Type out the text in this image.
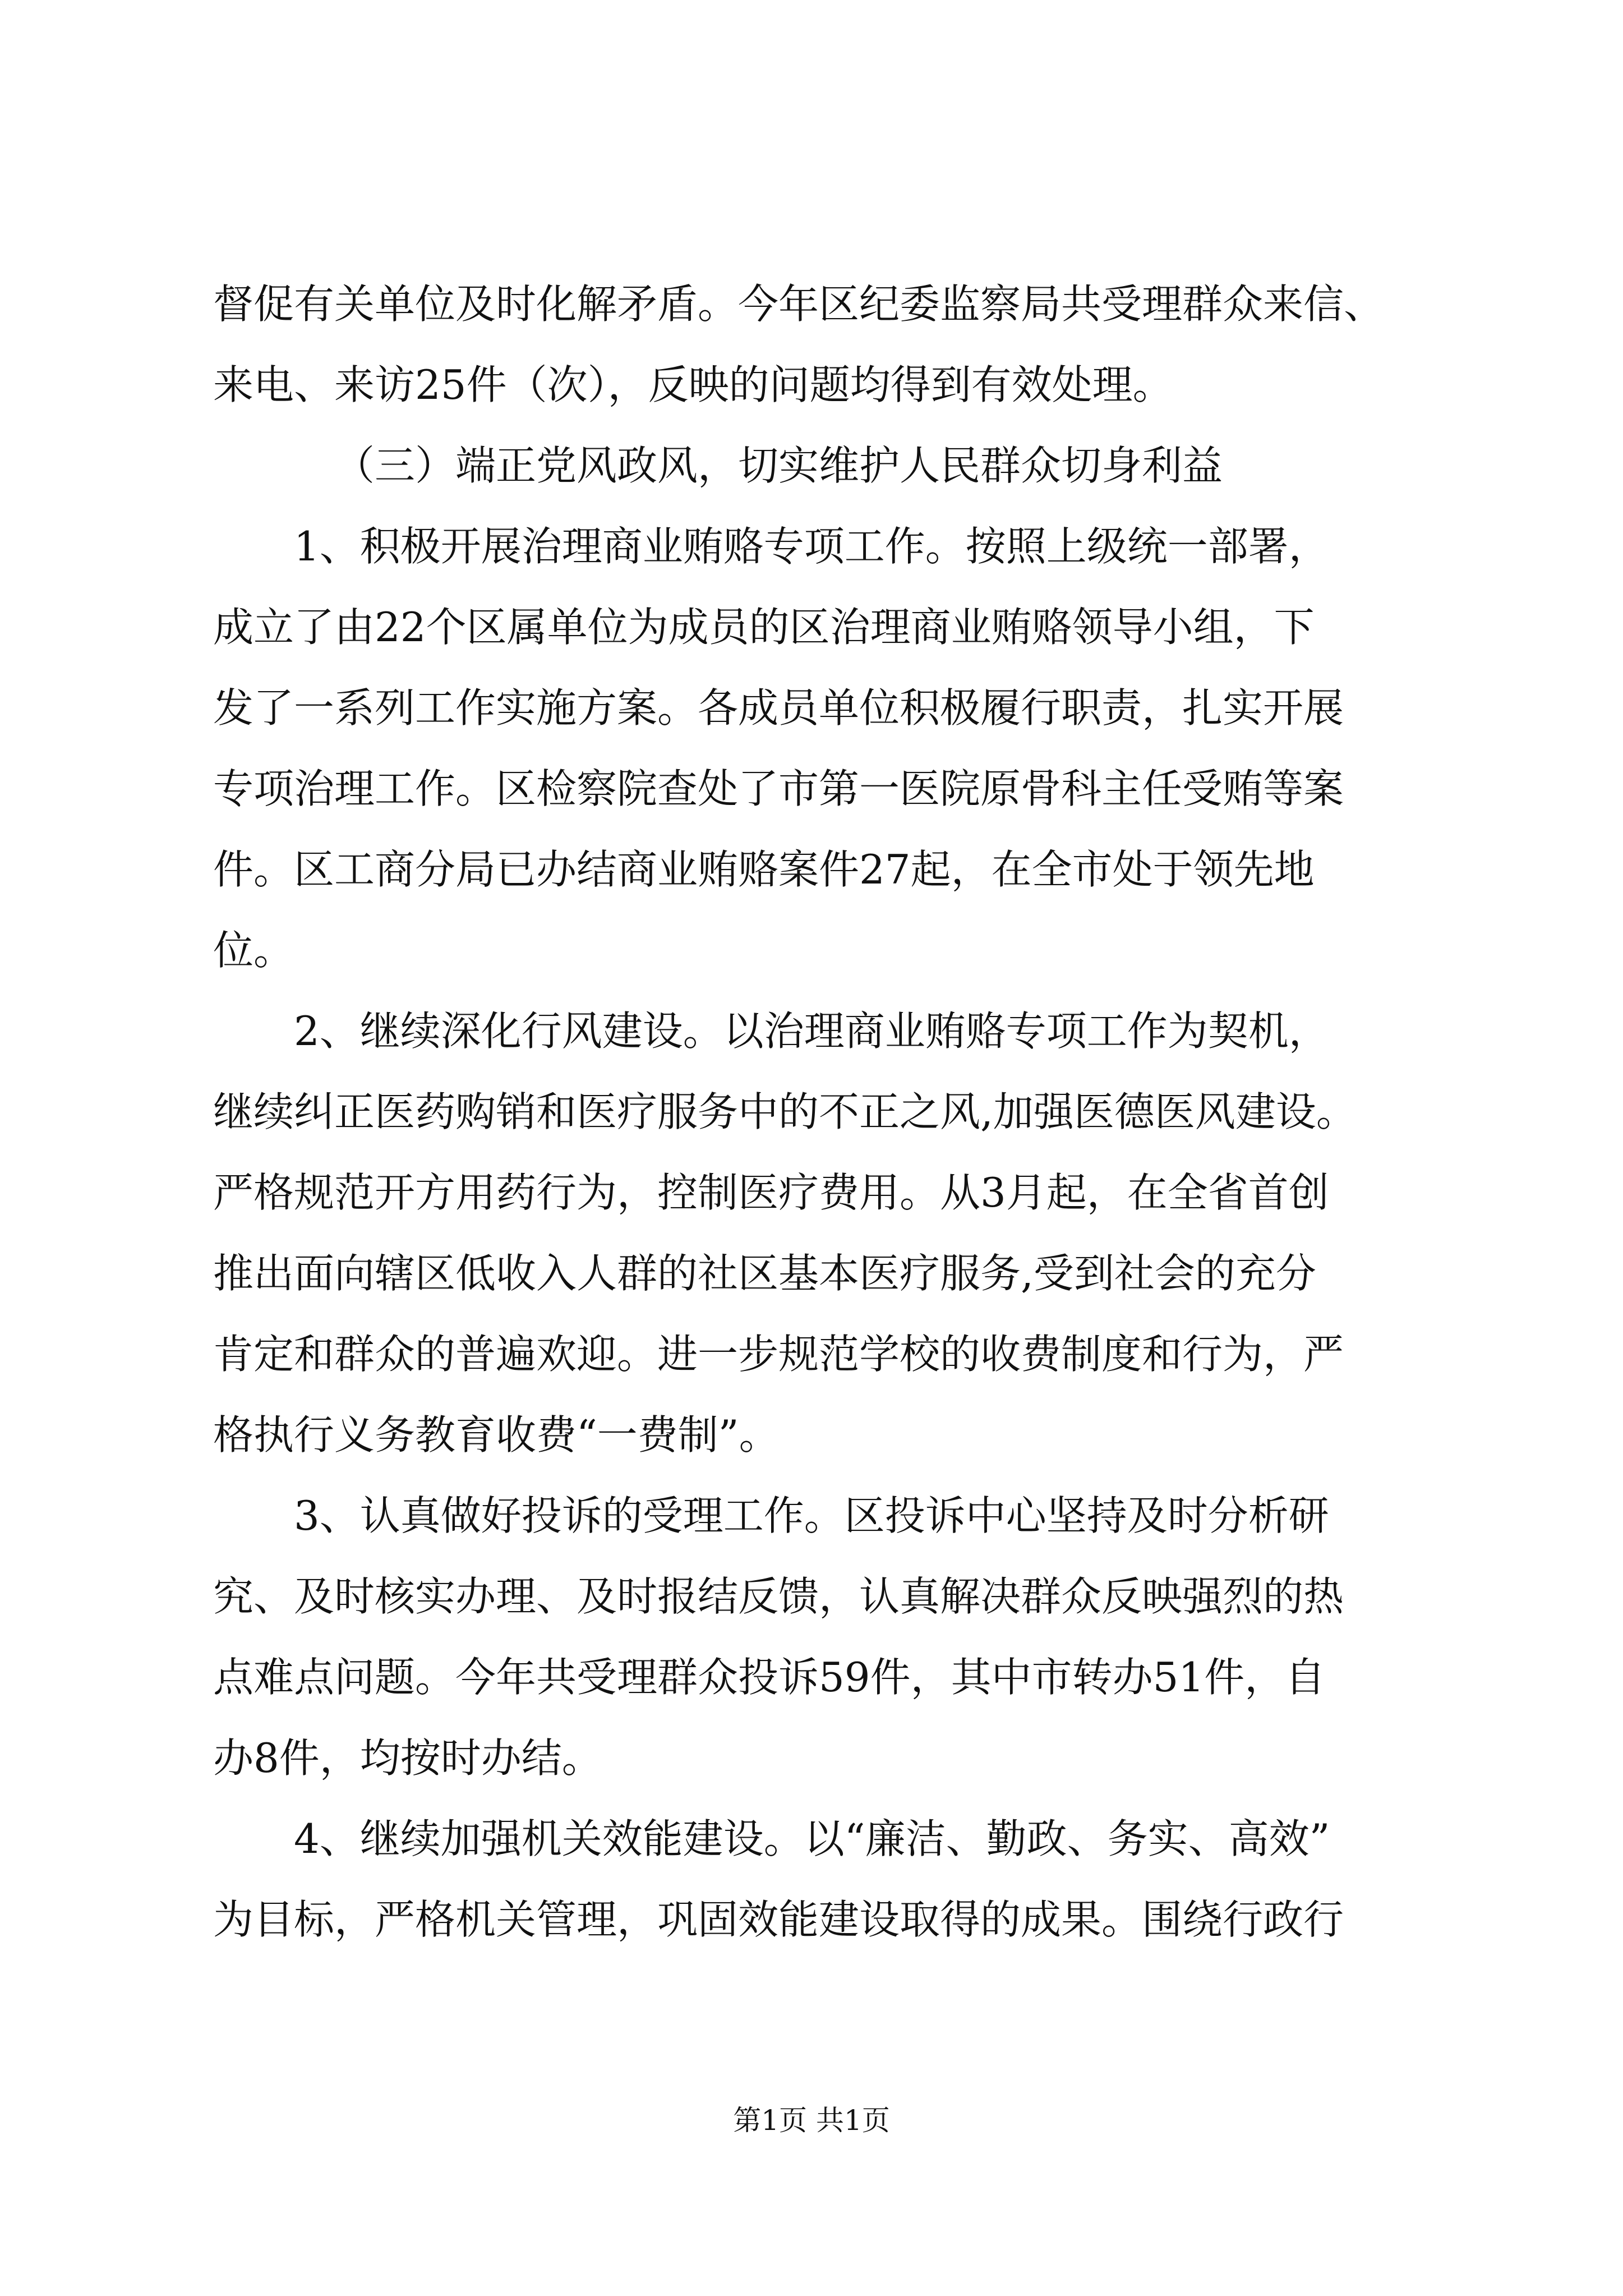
督促有关单位及时化解矛盾。今年区纪委监察局共受理群众来信、
来电、来访25件（次），反映的问题均得到有效处理。
（三）端正党风政风，切实维护人民群众切身利益
1、积极开展治理商业贿赂专项工作。按照上级统一部署，
成立了由22个区属单位为成员的区治理商业贿赂领导小组，下
发了一系列工作实施方案。各成员单位积极履行职责，扎实开展
专项治理工作。区检察院查处了市第一医院原骨科主任受贿等案
件。区工商分局已办结商业贿赂案件27起，在全市处于领先地
位。
2、继续深化行风建设。以治理商业贿赂专项工作为契机，
继续纠正医药购销和医疗服务中的不正之风,加强医德医风建设。
严格规范开方用药行为，控制医疗费用。从3月起，在全省首创
推出面向辖区低收入人群的社区基本医疗服务,受到社会的充分
肯定和群众的普遍欢迎。进一步规范学校的收费制度和行为，严
格执行义务教育收费“一费制”。
3、认真做好投诉的受理工作。区投诉中心坚持及时分析研
究、及时核实办理、及时报结反馈，认真解决群众反映强烈的热
点难点问题。今年共受理群众投诉59件，其中市转办51件，自
办8件，均按时办结。
4、继续加强机关效能建设。以“廉洁、勤政、务实、高效”
为目标，严格机关管理，巩固效能建设取得的成果。围绕行政行
第1页 共1页
